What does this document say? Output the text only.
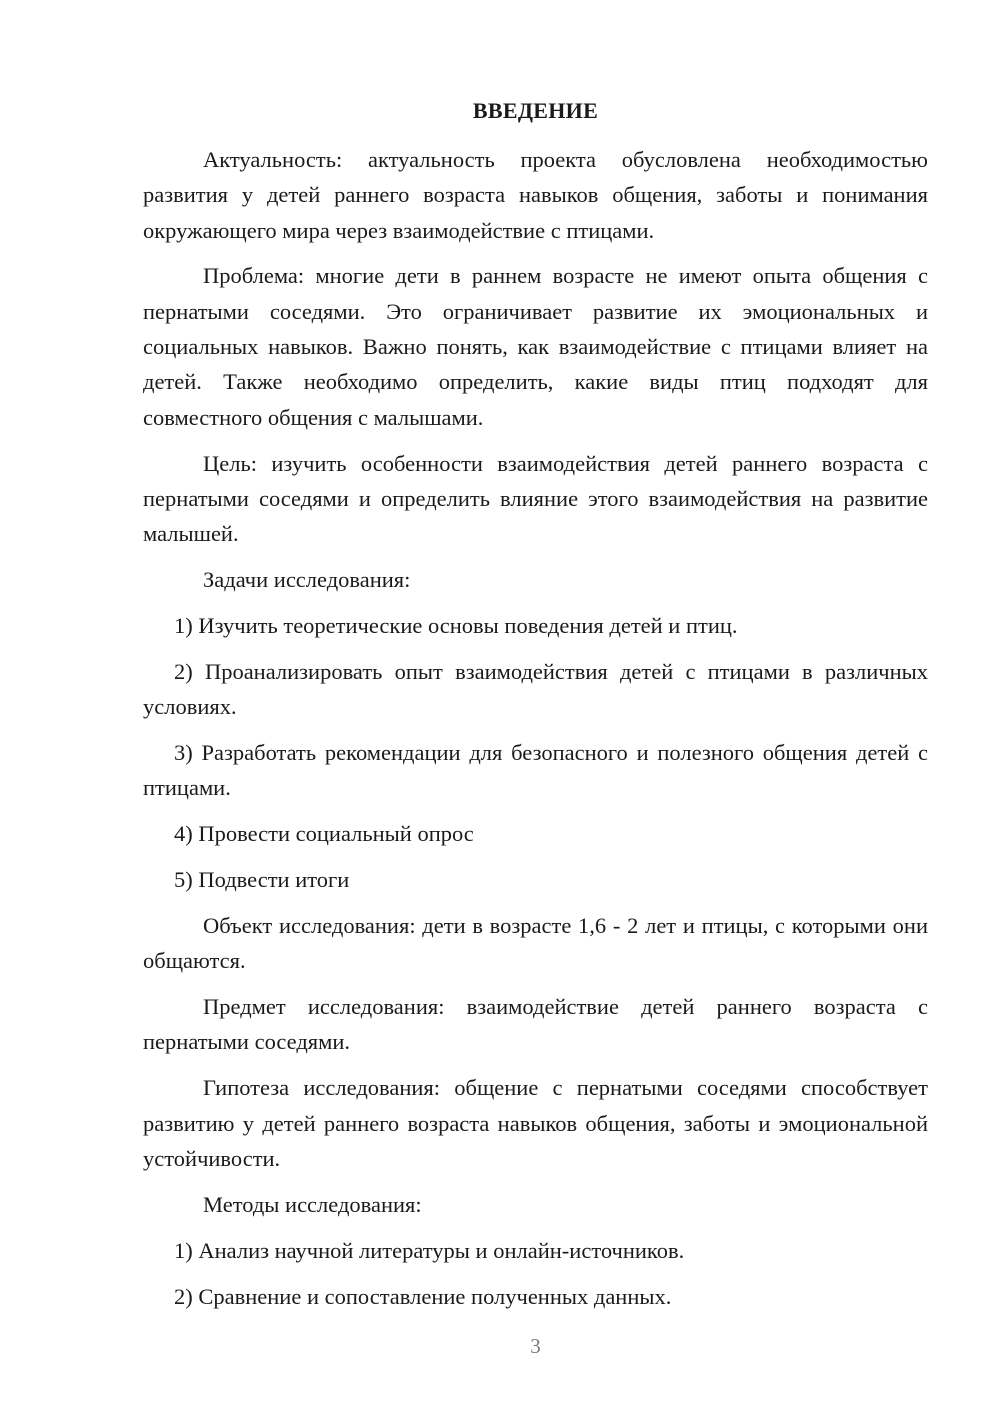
ВВЕДЕНИЕ

Актуальность: актуальность проекта обусловлена необходимостью развития у детей раннего возраста навыков общения, заботы и понимания окружающего мира через взаимодействие с птицами.

Проблема: многие дети в раннем возрасте не имеют опыта общения с пернатыми соседями. Это ограничивает развитие их эмоциональных и социальных навыков. Важно понять, как взаимодействие с птицами влияет на детей. Также необходимо определить, какие виды птиц подходят для совместного общения с малышами.

Цель: изучить особенности взаимодействия детей раннего возраста с пернатыми соседями и определить влияние этого взаимодействия на развитие малышей.

Задачи исследования:

1) Изучить теоретические основы поведения детей и птиц.

2) Проанализировать опыт взаимодействия детей с птицами в различных условиях.

3) Разработать рекомендации для безопасного и полезного общения детей с птицами.

4) Провести социальный опрос

5) Подвести итоги

Объект исследования: дети в возрасте 1,6 - 2 лет и птицы, с которыми они общаются.

Предмет исследования: взаимодействие детей раннего возраста с пернатыми соседями.

Гипотеза исследования: общение с пернатыми соседями способствует развитию у детей раннего возраста навыков общения, заботы и эмоциональной устойчивости.

Методы исследования:

1) Анализ научной литературы и онлайн-источников.

2) Сравнение и сопоставление полученных данных.

3
